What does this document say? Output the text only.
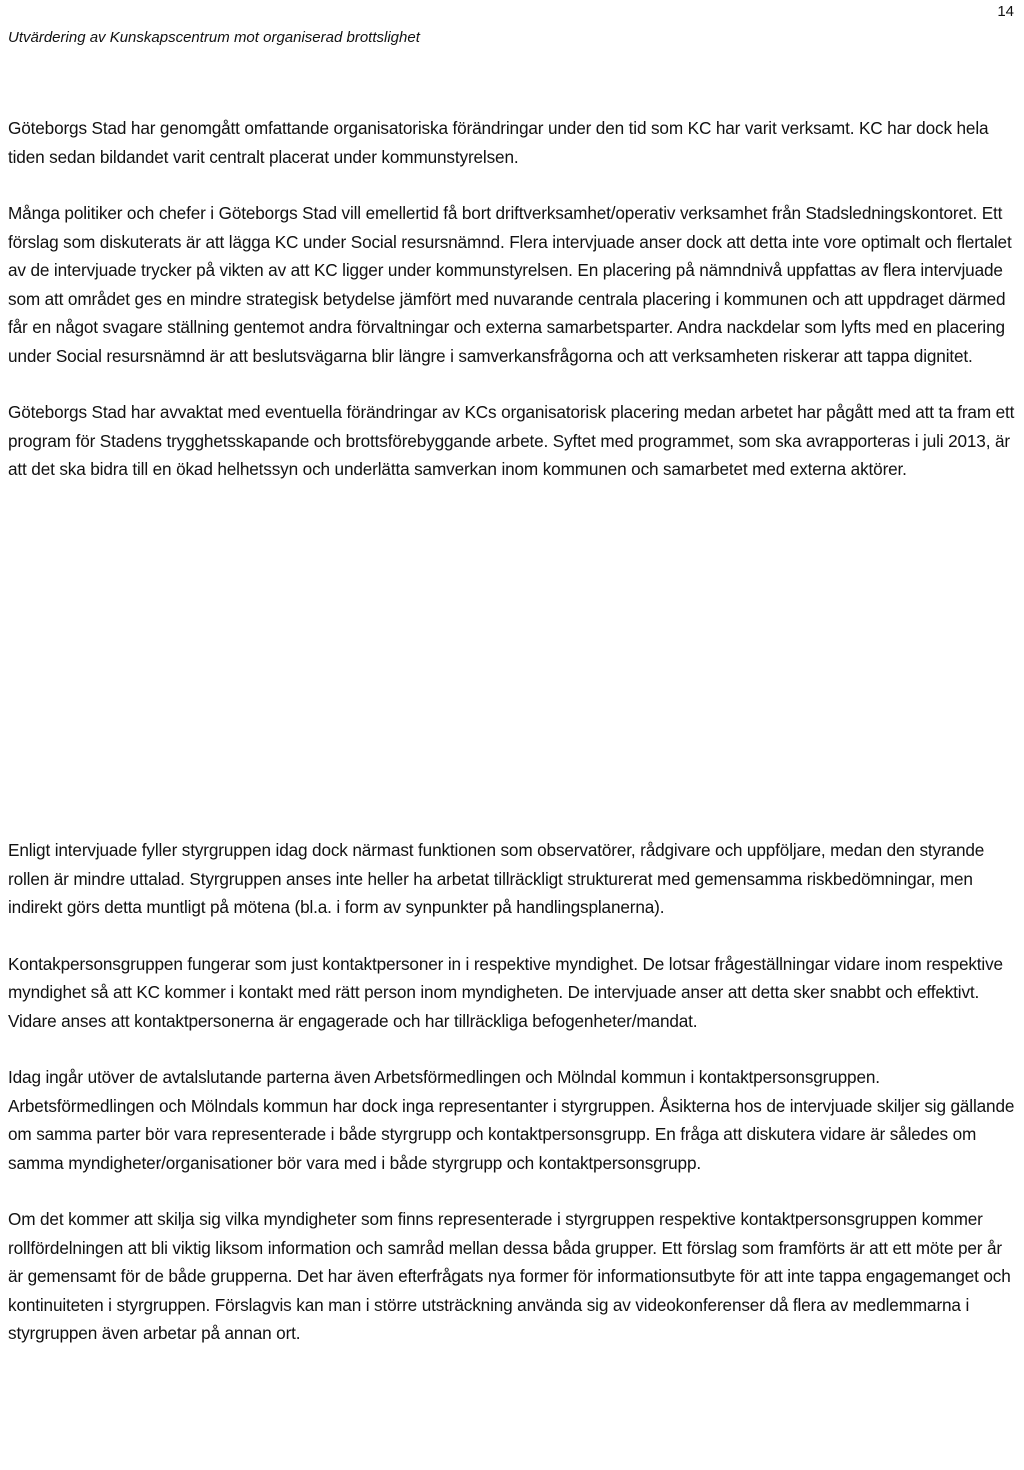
Utvärdering av Kunskapscentrum mot organiserad brottslighet
14

Göteborgs Stad har genomgått omfattande organisatoriska förändringar under den tid som KC har varit verksamt. KC har dock hela tiden sedan bildandet varit centralt placerat under kommunstyrelsen.

Många politiker och chefer i Göteborgs Stad vill emellertid få bort driftverksamhet/operativ verksamhet från Stadsledningskontoret. Ett förslag som diskuterats är att lägga KC under Social resursnämnd. Flera intervjuade anser dock att detta inte vore optimalt och flertalet av de intervjuade trycker på vikten av att KC ligger under kommunstyrelsen. En placering på nämndnivå uppfattas av flera intervjuade som att området ges en mindre strategisk betydelse jämfört med nuvarande centrala placering i kommunen och att uppdraget därmed får en något svagare ställning gentemot andra förvaltningar och externa samarbetsparter. Andra nackdelar som lyfts med en placering under Social resursnämnd är att beslutsvägarna blir längre i samverkansfrågorna och att verksamheten riskerar att tappa dignitet.

Göteborgs Stad har avvaktat med eventuella förändringar av KCs organisatorisk placering medan arbetet har pågått med att ta fram ett program för Stadens trygghetsskapande och brottsförebyggande arbete. Syftet med programmet, som ska avrapporteras i juli 2013, är att det ska bidra till en ökad helhetssyn och underlätta samverkan inom kommunen och samarbetet med externa aktörer.

Enligt intervjuade fyller styrgruppen idag dock närmast funktionen som observatörer, rådgivare och uppföljare, medan den styrande rollen är mindre uttalad. Styrgruppen anses inte heller ha arbetat tillräckligt strukturerat med gemensamma riskbedömningar, men indirekt görs detta muntligt på mötena (bl.a. i form av synpunkter på handlingsplanerna).

Kontakpersonsgruppen fungerar som just kontaktpersoner in i respektive myndighet. De lotsar frågeställningar vidare inom respektive myndighet så att KC kommer i kontakt med rätt person inom myndigheten. De intervjuade anser att detta sker snabbt och effektivt. Vidare anses att kontaktpersonerna är engagerade och har tillräckliga befogenheter/mandat.

Idag ingår utöver de avtalslutande parterna även Arbetsförmedlingen och Mölndal kommun i kontaktpersonsgruppen. Arbetsförmedlingen och Mölndals kommun har dock inga representanter i styrgruppen. Åsikterna hos de intervjuade skiljer sig gällande om samma parter bör vara representerade i både styrgrupp och kontaktpersonsgrupp. En fråga att diskutera vidare är således om samma myndigheter/organisationer bör vara med i både styrgrupp och kontaktpersonsgrupp.

Om det kommer att skilja sig vilka myndigheter som finns representerade i styrgruppen respektive kontaktpersonsgruppen kommer rollfördelningen att bli viktig liksom information och samråd mellan dessa båda grupper. Ett förslag som framförts är att ett möte per år är gemensamt för de både grupperna. Det har även efterfrågats nya former för informationsutbyte för att inte tappa engagemanget och kontinuiteten i styrgruppen. Förslagvis kan man i större utsträckning använda sig av videokonferenser då flera av medlemmarna i styrgruppen även arbetar på annan ort.
